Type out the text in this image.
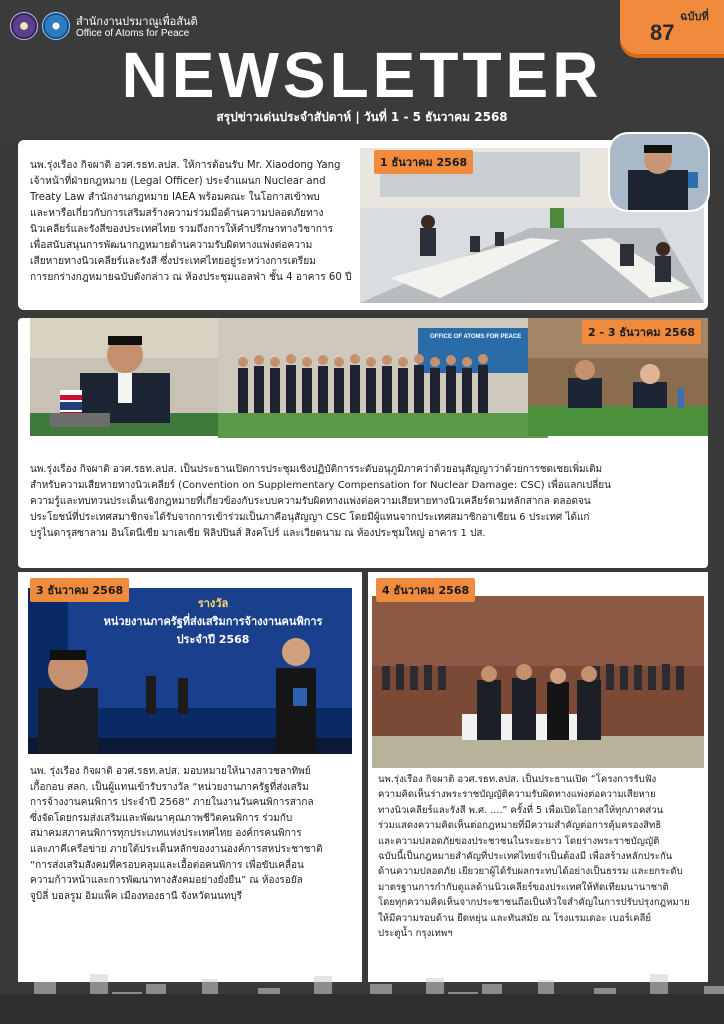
สำนักงานปรมาณูเพื่อสันติ
Office of Atoms for Peace
ฉบับที่
87
NEWSLETTER
สรุปข่าวเด่นประจำสัปดาห์ | วันที่ 1 - 5 ธันวาคม 2568
นพ.รุ่งเรือง กิจผาติ อวศ.รธท.ลปส. ให้การต้อนรับ Mr. Xiaodong Yang
เจ้าหน้าที่ฝ่ายกฎหมาย (Legal Officer) ประจำแผนก Nuclear and
Treaty Law สำนักงานกฎหมาย IAEA พร้อมคณะ ในโอกาสเข้าพบ
และหารือเกี่ยวกับการเสริมสร้างความร่วมมือด้านความปลอดภัยทาง
นิวเคลียร์และรังสีของประเทศไทย รวมถึงการให้คำปรึกษาทางวิชาการ
เพื่อสนับสนุนการพัฒนากฎหมายด้านความรับผิดทางแพ่งต่อความ
เสียหายทางนิวเคลียร์และรังสี ซึ่งประเทศไทยอยู่ระหว่างการเตรียม
การยกร่างกฎหมายฉบับดังกล่าว ณ ห้องประชุมแอลฟ่า ชั้น 4 อาคาร 60 ปี
1 ธันวาคม 2568
OFFICE OF ATOMS FOR PEACE	2 - 3 ธันวาคม 2568
นพ.รุ่งเรือง กิจผาติ อวศ.รธท.ลปส. เป็นประธานเปิดการประชุมเชิงปฏิบัติการระดับอนุภูมิภาคว่าด้วยอนุสัญญาว่าด้วยการชดเชยเพิ่มเติม
สำหรับความเสียหายทางนิวเคลียร์ (Convention on Supplementary Compensation for Nuclear Damage: CSC) เพื่อแลกเปลี่ยน
ความรู้และทบทวนประเด็นเชิงกฎหมายที่เกี่ยวข้องกับระบบความรับผิดทางแพ่งต่อความเสียหายทางนิวเคลียร์ตามหลักสากล ตลอดจน
ประโยชน์ที่ประเทศสมาชิกจะได้รับจากการเข้าร่วมเป็นภาคีอนุสัญญา CSC โดยมีผู้แทนจากประเทศสมาชิกอาเซียน 6 ประเทศ ได้แก่
บรูไนดารุสซาลาม อินโดนีเซีย มาเลเซีย ฟิลิปปินส์ สิงคโปร์ และเวียดนาม ณ ห้องประชุมใหญ่ อาคาร 1 ปส.
3 ธันวาคม 2568
รางวัล
หน่วยงานภาครัฐที่ส่งเสริมการจ้างงานคนพิการ
ประจำปี 2568
นพ. รุ่งเรือง กิจผาติ อวศ.รธท.ลปส. มอบหมายให้นางสาวชลาทิพย์
เกื้อกอบ สลก. เป็นผู้แทนเข้ารับรางวัล “หน่วยงานภาครัฐที่ส่งเสริม
การจ้างงานคนพิการ ประจำปี 2568” ภายในงานวันคนพิการสากล
ซึ่งจัดโดยกรมส่งเสริมและพัฒนาคุณภาพชีวิตคนพิการ ร่วมกับ
สมาคมสภาคนพิการทุกประเภทแห่งประเทศไทย องค์กรคนพิการ
และภาคีเครือข่าย ภายใต้ประเด็นหลักของงานองค์การสหประชาชาติ
“การส่งเสริมสังคมที่ครอบคลุมและเอื้อต่อคนพิการ เพื่อขับเคลื่อน
ความก้าวหน้าและการพัฒนาทางสังคมอย่างยั่งยืน” ณ ห้องรอยัล
จูบิลี่ บอลรูม อิมแพ็ค เมืองทองธานี จังหวัดนนทบุรี
4 ธันวาคม 2568
นพ.รุ่งเรือง กิจผาติ อวศ.รธท.ลปส. เป็นประธานเปิด “โครงการรับฟัง
ความคิดเห็นร่างพระราชบัญญัติความรับผิดทางแพ่งต่อความเสียหาย
ทางนิวเคลียร์และรังสี พ.ศ. ....” ครั้งที่ 5 เพื่อเปิดโอกาสให้ทุกภาคส่วน
ร่วมแสดงความคิดเห็นต่อกฎหมายที่มีความสำคัญต่อการคุ้มครองสิทธิ
และความปลอดภัยของประชาชนในระยะยาว โดยร่างพระราชบัญญัติ
ฉบับนี้เป็นกฎหมายสำคัญที่ประเทศไทยจำเป็นต้องมี เพื่อสร้างหลักประกัน
ด้านความปลอดภัย เยียวยาผู้ได้รับผลกระทบได้อย่างเป็นธรรม และยกระดับ
มาตรฐานการกำกับดูแลด้านนิวเคลียร์ของประเทศให้ทัดเทียมนานาชาติ
โดยทุกความคิดเห็นจากประชาชนถือเป็นหัวใจสำคัญในการปรับปรุงกฎหมาย
ให้มีความรอบด้าน ยืดหยุ่น และทันสมัย ณ โรงแรมเดอะ เบอร์เคลีย์
ประตูน้ำ กรุงเทพฯ
